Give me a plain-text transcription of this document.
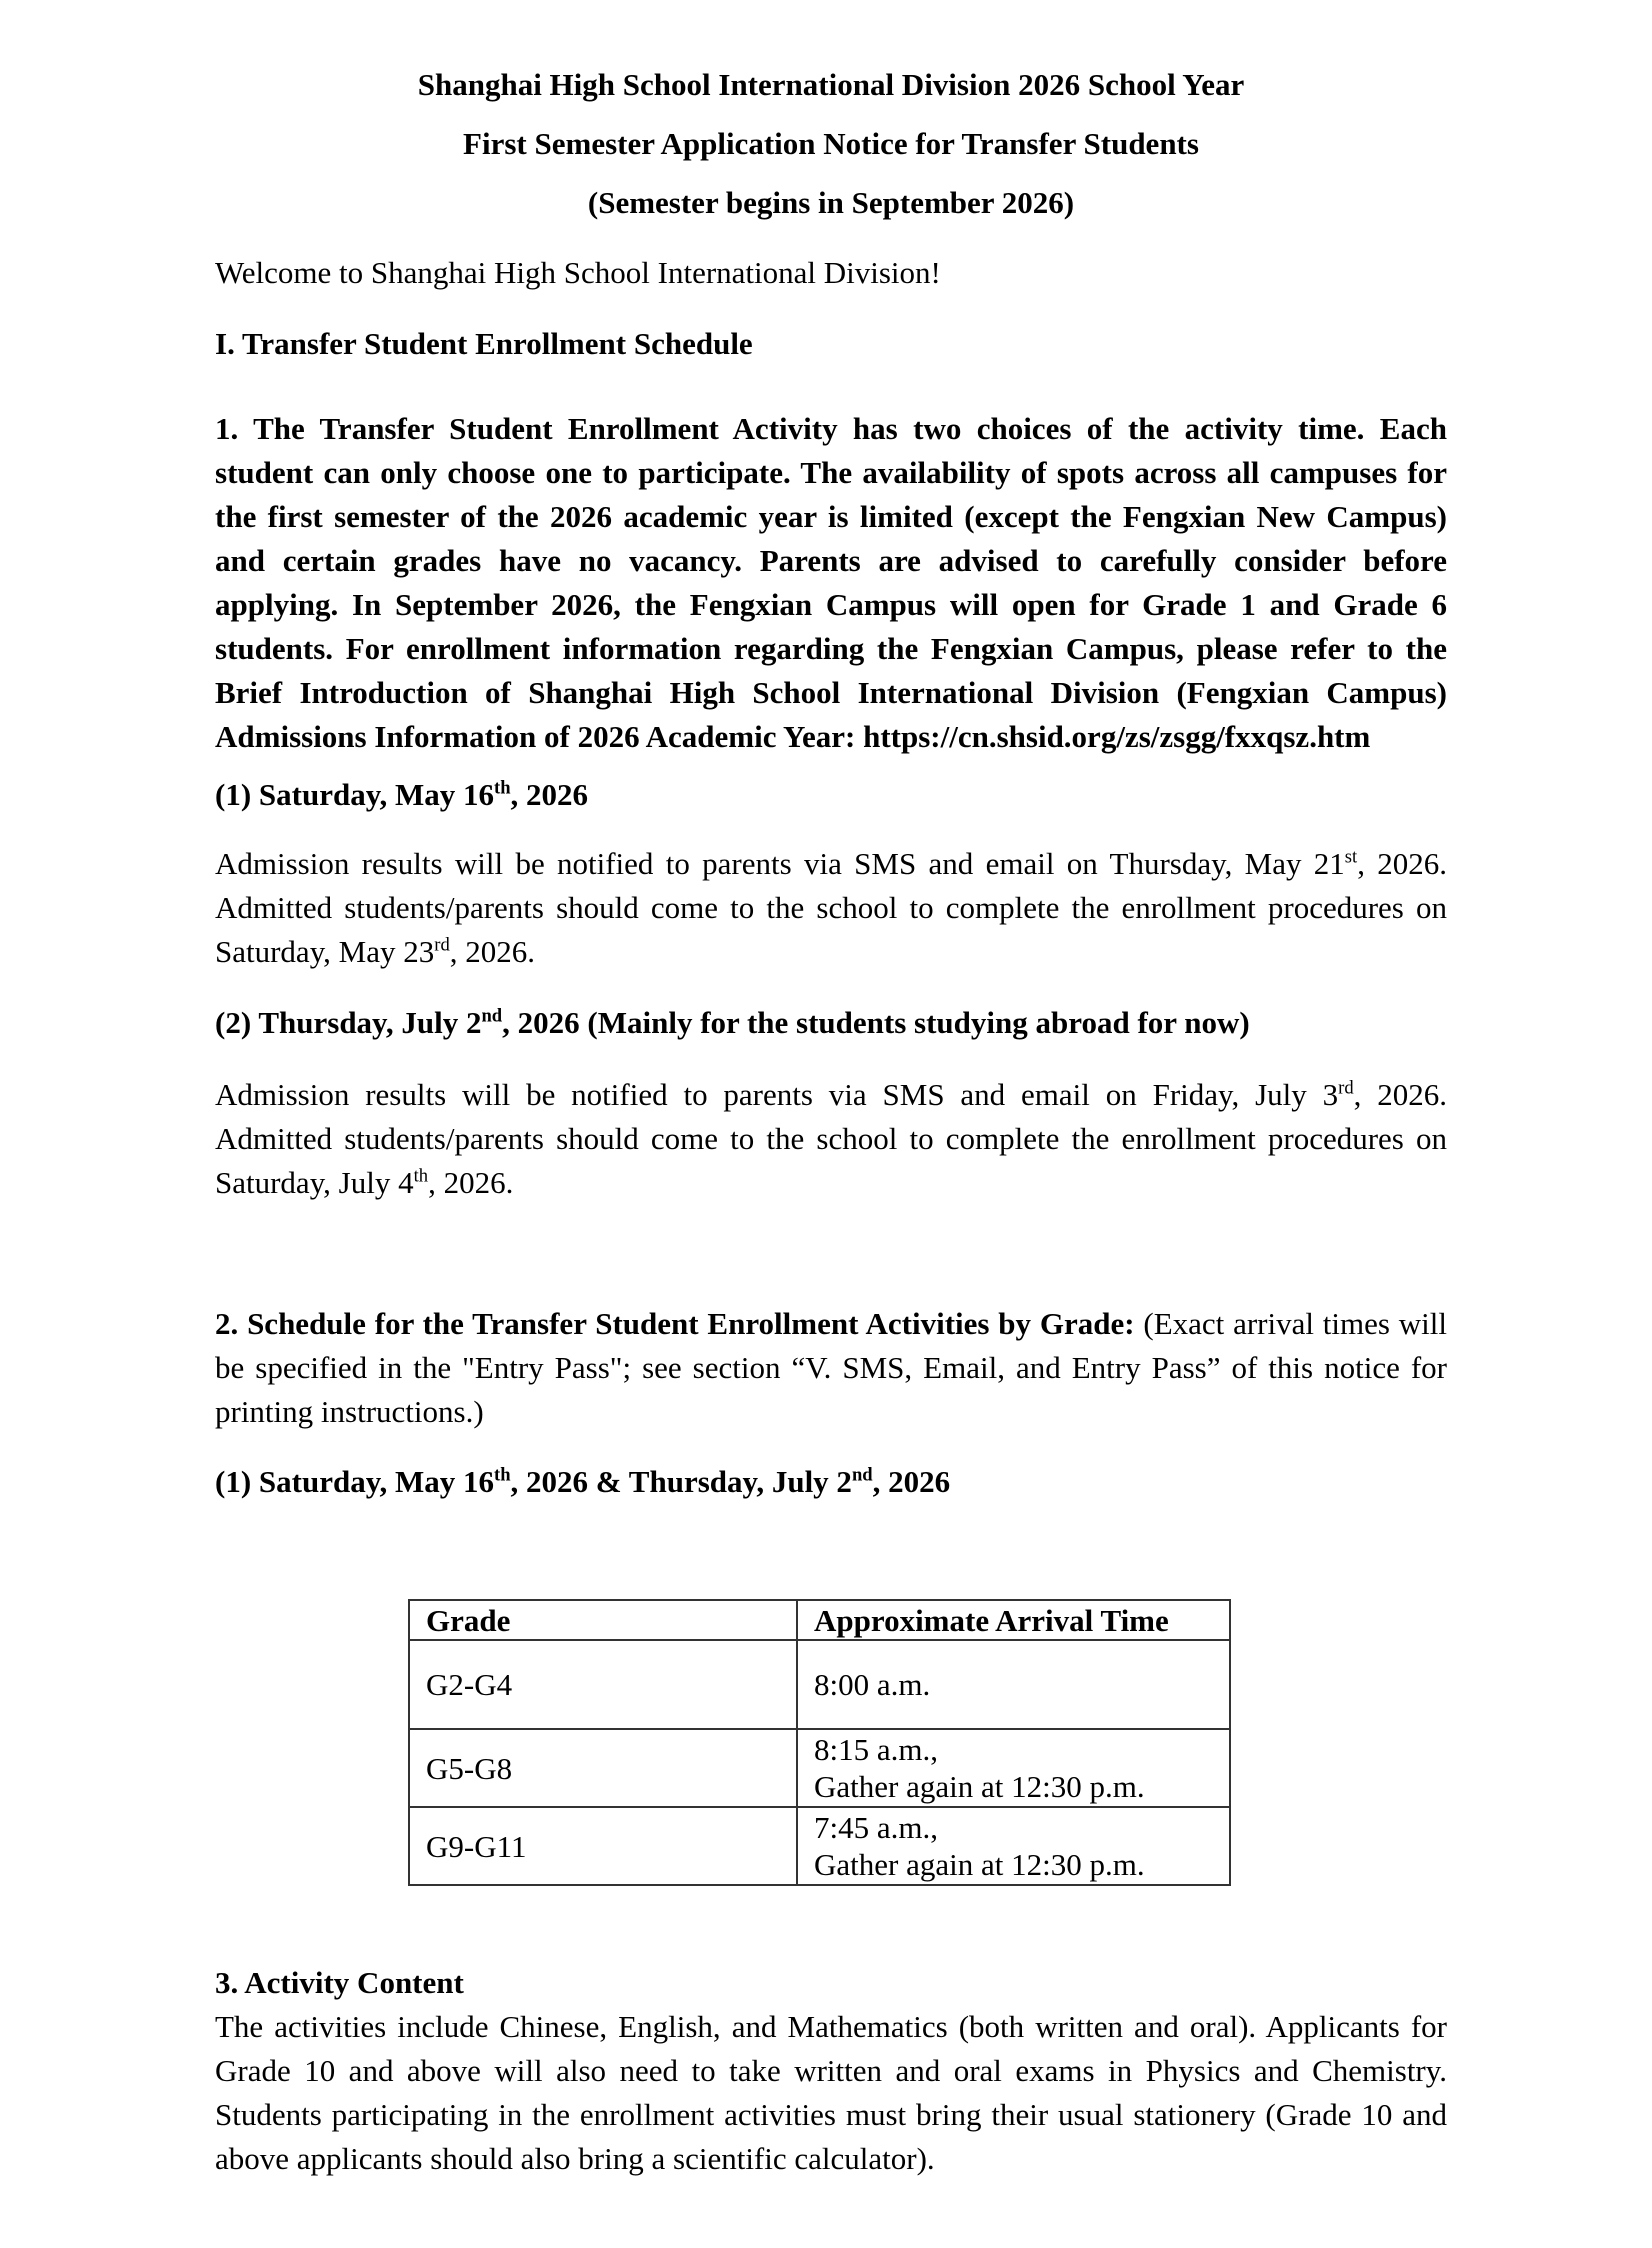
Shanghai High School International Division 2026 School Year

First Semester Application Notice for Transfer Students

(Semester begins in September 2026)

Welcome to Shanghai High School International Division!

I. Transfer Student Enrollment Schedule

1. The Transfer Student Enrollment Activity has two choices of the activity time. Each student can only choose one to participate. The availability of spots across all campuses for the first semester of the 2026 academic year is limited (except the Fengxian New Campus) and certain grades have no vacancy. Parents are advised to carefully consider before applying. In September 2026, the Fengxian Campus will open for Grade 1 and Grade 6 students. For enrollment information regarding the Fengxian Campus, please refer to the Brief Introduction of Shanghai High School International Division (Fengxian Campus) Admissions Information of 2026 Academic Year: https://cn.shsid.org/zs/zsgg/fxxqsz.htm

(1) Saturday, May 16th, 2026

Admission results will be notified to parents via SMS and email on Thursday, May 21st, 2026. Admitted students/parents should come to the school to complete the enrollment procedures on Saturday, May 23rd, 2026.

(2) Thursday, July 2nd, 2026 (Mainly for the students studying abroad for now)

Admission results will be notified to parents via SMS and email on Friday, July 3rd, 2026. Admitted students/parents should come to the school to complete the enrollment procedures on Saturday, July 4th, 2026.

2. Schedule for the Transfer Student Enrollment Activities by Grade: (Exact arrival times will be specified in the "Entry Pass"; see section “V. SMS, Email, and Entry Pass” of this notice for printing instructions.)

(1) Saturday, May 16th, 2026 & Thursday, July 2nd, 2026

Grade	Approximate Arrival Time
G2-G4	8:00 a.m.

G5-G8	8:15 a.m.,
Gather again at 12:30 p.m.

G9-G11	7:45 a.m.,
Gather again at 12:30 p.m.

3. Activity Content

The activities include Chinese, English, and Mathematics (both written and oral). Applicants for Grade 10 and above will also need to take written and oral exams in Physics and Chemistry. Students participating in the enrollment activities must bring their usual stationery (Grade 10 and above applicants should also bring a scientific calculator).
